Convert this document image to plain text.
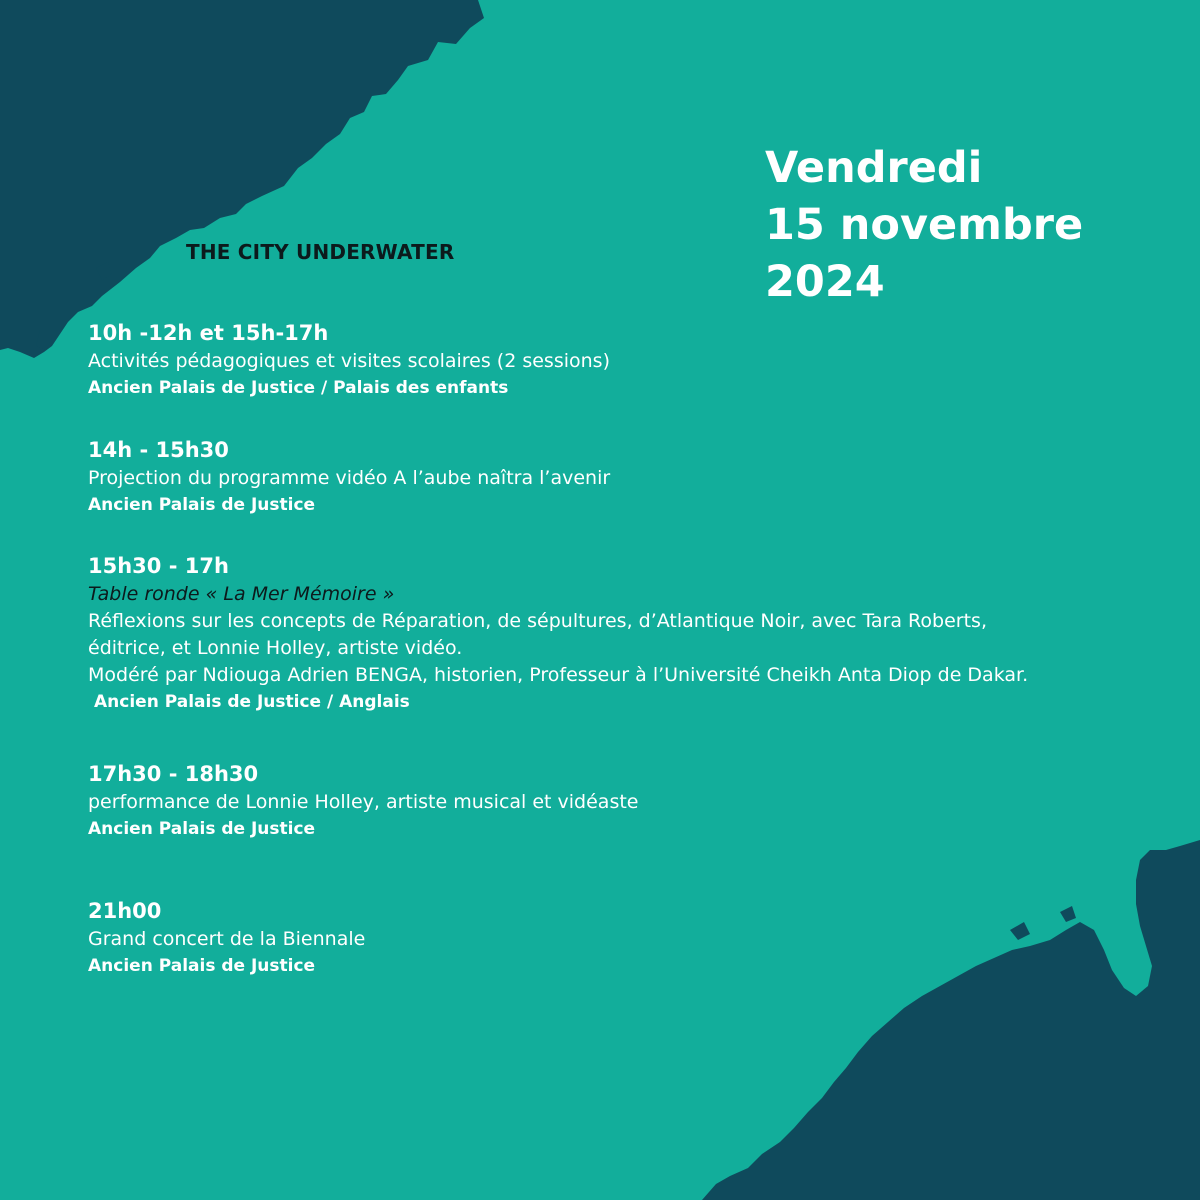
Vendredi
15 novembre
2024
THE CITY UNDERWATER
10h -12h et 15h-17h
Activités pédagogiques et visites scolaires (2 sessions)
Ancien Palais de Justice / Palais des enfants
14h - 15h30
Projection du programme vidéo A l’aube naîtra l’avenir
Ancien Palais de Justice
15h30 - 17h
Table ronde « La Mer Mémoire »
Réflexions sur les concepts de Réparation, de sépultures, d’Atlantique Noir, avec Tara Roberts,
éditrice, et Lonnie Holley, artiste vidéo.
Modéré par Ndiouga Adrien BENGA, historien, Professeur à l’Université Cheikh Anta Diop de Dakar.
Ancien Palais de Justice / Anglais
17h30 - 18h30
performance de Lonnie Holley, artiste musical et vidéaste
Ancien Palais de Justice
21h00
Grand concert de la Biennale
Ancien Palais de Justice
